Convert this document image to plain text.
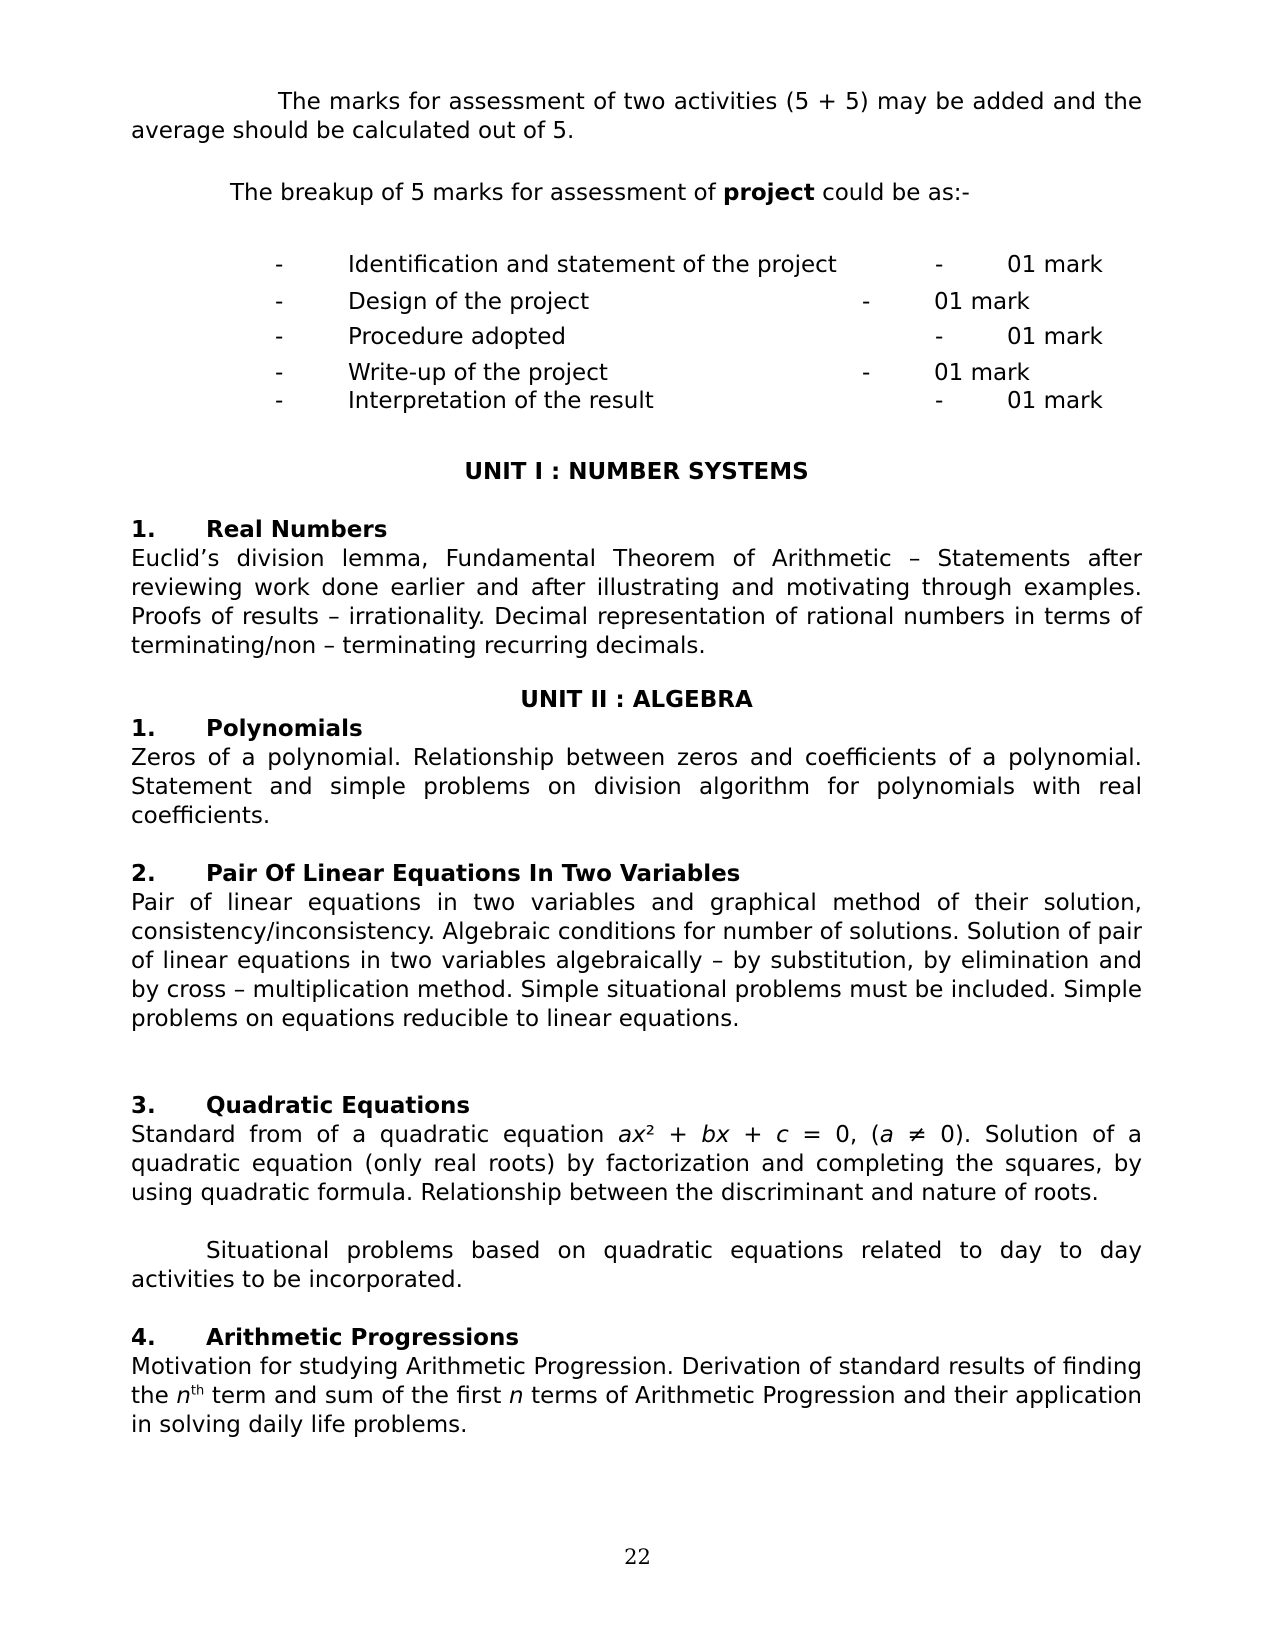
The marks for assessment of two activities (5 + 5) may be added and the average should be calculated out of 5.

The breakup of 5 marks for assessment of project could be as:-

-	Identification and statement of the project	-	01 mark
-	Design of the project	-	01 mark
-	Procedure adopted	-	01 mark
-	Write-up of the project	-	01 mark
-	Interpretation of the result	-	01 mark
UNIT I : NUMBER SYSTEMS
1. Real Numbers

Euclid’s division lemma, Fundamental Theorem of Arithmetic – Statements after reviewing work done earlier and after illustrating and motivating through examples. Proofs of results – irrationality. Decimal representation of rational numbers in terms of terminating/non – terminating recurring decimals.

UNIT II : ALGEBRA
1. Polynomials

Zeros of a polynomial. Relationship between zeros and coefficients of a polynomial. Statement and simple problems on division algorithm for polynomials with real coefficients.

2. Pair Of Linear Equations In Two Variables

Pair of linear equations in two variables and graphical method of their solution, consistency/inconsistency. Algebraic conditions for number of solutions. Solution of pair of linear equations in two variables algebraically – by substitution, by elimination and by cross – multiplication method. Simple situational problems must be included. Simple problems on equations reducible to linear equations.

3. Quadratic Equations

Standard from of a quadratic equation ax² + bx + c = 0, (a ≠ 0). Solution of a quadratic equation (only real roots) by factorization and completing the squares, by using quadratic formula. Relationship between the discriminant and nature of roots.

Situational problems based on quadratic equations related to day to day activities to be incorporated.

4. Arithmetic Progressions

Motivation for studying Arithmetic Progression. Derivation of standard results of finding the $n^{th}$ term and sum of the first n terms of Arithmetic Progression and their application in solving daily life problems.

22
